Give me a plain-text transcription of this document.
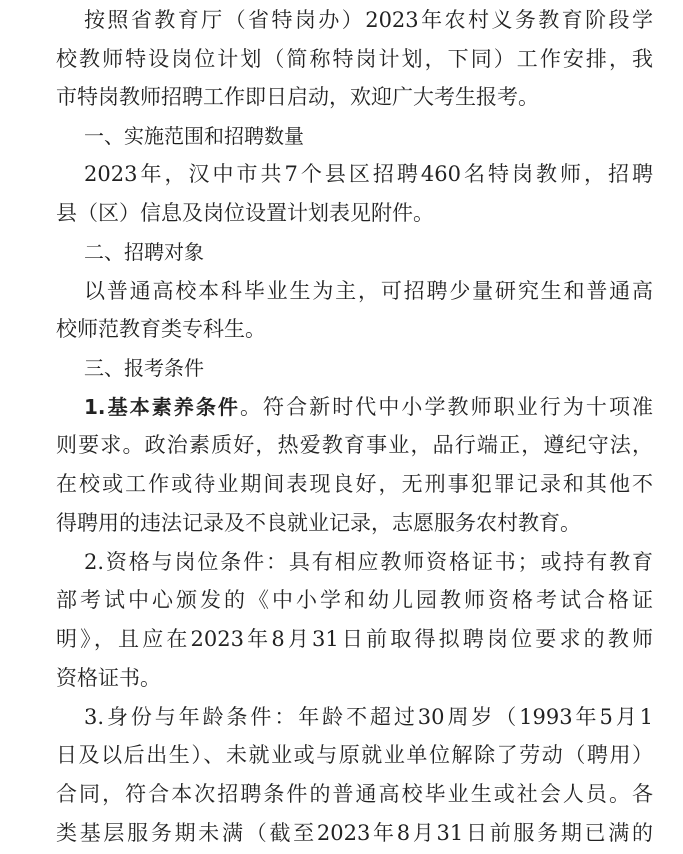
按照省教育厅（省特岗办）2023年农村义务教育阶段学
校教师特设岗位计划（简称特岗计划，下同）工作安排，我
市特岗教师招聘工作即日启动，欢迎广大考生报考。
一、实施范围和招聘数量
2023年，汉中市共7个县区招聘460名特岗教师，招聘
县（区）信息及岗位设置计划表见附件。
二、招聘对象
以普通高校本科毕业生为主，可招聘少量研究生和普通高
校师范教育类专科生。
三、报考条件
1.基本素养条件。符合新时代中小学教师职业行为十项准
则要求。政治素质好，热爱教育事业，品行端正，遵纪守法，
在校或工作或待业期间表现良好，无刑事犯罪记录和其他不
得聘用的违法记录及不良就业记录，志愿服务农村教育。
2.资格与岗位条件：具有相应教师资格证书；或持有教育
部考试中心颁发的《中小学和幼儿园教师资格考试合格证
明》，且应在2023年8月31日前取得拟聘岗位要求的教师
资格证书。
3.身份与年龄条件：年龄不超过30周岁（1993年5月1
日及以后出生）、未就业或与原就业单位解除了劳动（聘用）
合同，符合本次招聘条件的普通高校毕业生或社会人员。各
类基层服务期未满（截至2023年8月31日前服务期已满的
